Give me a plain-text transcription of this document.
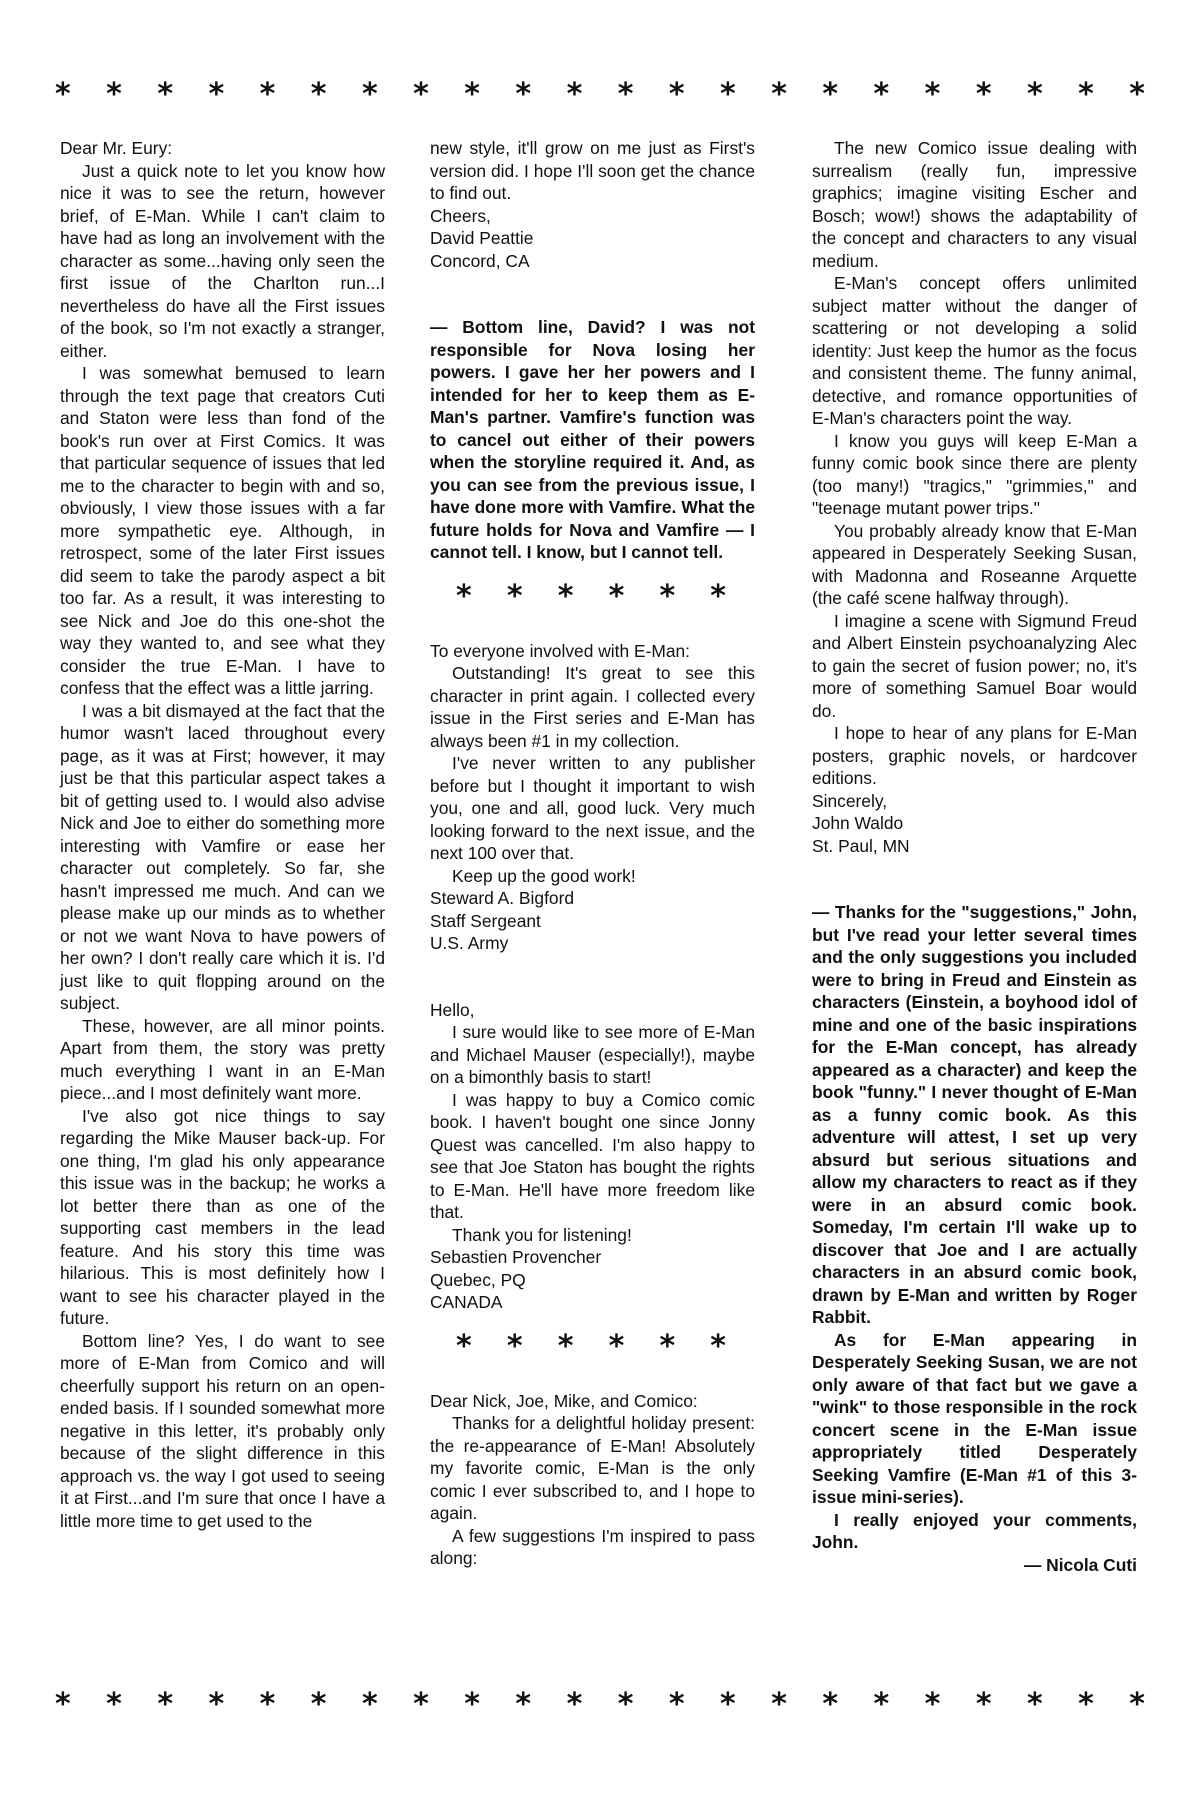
* * * * * * * * * * * * * * * * * * * * * *

Dear Mr. Eury:

Just a quick note to let you know how nice it was to see the return, however brief, of E-Man. While I can't claim to have had as long an involvement with the character as some...having only seen the first issue of the Charlton run...I nevertheless do have all the First issues of the book, so I'm not exactly a stranger, either.

I was somewhat bemused to learn through the text page that creators Cuti and Staton were less than fond of the book's run over at First Comics. It was that particular sequence of issues that led me to the character to begin with and so, obviously, I view those issues with a far more sympathetic eye. Although, in retrospect, some of the later First issues did seem to take the parody aspect a bit too far. As a result, it was interesting to see Nick and Joe do this one-shot the way they wanted to, and see what they consider the true E-Man. I have to confess that the effect was a little jarring.

I was a bit dismayed at the fact that the humor wasn't laced throughout every page, as it was at First; however, it may just be that this particular aspect takes a bit of getting used to. I would also advise Nick and Joe to either do something more interesting with Vamfire or ease her character out completely. So far, she hasn't impressed me much. And can we please make up our minds as to whether or not we want Nova to have powers of her own? I don't really care which it is. I'd just like to quit flopping around on the subject.

These, however, are all minor points. Apart from them, the story was pretty much everything I want in an E-Man piece...and I most definitely want more.

I've also got nice things to say regarding the Mike Mauser back-up. For one thing, I'm glad his only appearance this issue was in the backup; he works a lot better there than as one of the supporting cast members in the lead feature. And his story this time was hilarious. This is most definitely how I want to see his character played in the future.

Bottom line? Yes, I do want to see more of E-Man from Comico and will cheerfully support his return on an open-ended basis. If I sounded somewhat more negative in this letter, it's probably only because of the slight difference in this approach vs. the way I got used to seeing it at First...and I'm sure that once I have a little more time to get used to the

new style, it'll grow on me just as First's version did. I hope I'll soon get the chance to find out.

Cheers,

David Peattie

Concord, CA

— Bottom line, David? I was not responsible for Nova losing her powers. I gave her her powers and I intended for her to keep them as E-Man's partner. Vamfire's function was to cancel out either of their powers when the storyline required it. And, as you can see from the previous issue, I have done more with Vamfire. What the future holds for Nova and Vamfire — I cannot tell. I know, but I cannot tell.

* * * * * *

To everyone involved with E-Man:

Outstanding! It's great to see this character in print again. I collected every issue in the First series and E-Man has always been #1 in my collection.

I've never written to any publisher before but I thought it important to wish you, one and all, good luck. Very much looking forward to the next issue, and the next 100 over that.

Keep up the good work!

Steward A. Bigford

Staff Sergeant

U.S. Army

Hello,

I sure would like to see more of E-Man and Michael Mauser (especially!), maybe on a bimonthly basis to start!

I was happy to buy a Comico comic book. I haven't bought one since Jonny Quest was cancelled. I'm also happy to see that Joe Staton has bought the rights to E-Man. He'll have more freedom like that.

Thank you for listening!

Sebastien Provencher

Quebec, PQ

CANADA

* * * * * *

Dear Nick, Joe, Mike, and Comico:

Thanks for a delightful holiday present: the re-appearance of E-Man! Absolutely my favorite comic, E-Man is the only comic I ever subscribed to, and I hope to again.

A few suggestions I'm inspired to pass along:

The new Comico issue dealing with surrealism (really fun, impressive graphics; imagine visiting Escher and Bosch; wow!) shows the adaptability of the concept and characters to any visual medium.

E-Man's concept offers unlimited subject matter without the danger of scattering or not developing a solid identity: Just keep the humor as the focus and consistent theme. The funny animal, detective, and romance opportunities of E-Man's characters point the way.

I know you guys will keep E-Man a funny comic book since there are plenty (too many!) "tragics," "grimmies," and "teenage mutant power trips."

You probably already know that E-Man appeared in Desperately Seeking Susan, with Madonna and Roseanne Arquette (the café scene halfway through).

I imagine a scene with Sigmund Freud and Albert Einstein psychoanalyzing Alec to gain the secret of fusion power; no, it's more of something Samuel Boar would do.

I hope to hear of any plans for E-Man posters, graphic novels, or hardcover editions.

Sincerely,

John Waldo

St. Paul, MN

— Thanks for the "suggestions," John, but I've read your letter several times and the only suggestions you included were to bring in Freud and Einstein as characters (Einstein, a boyhood idol of mine and one of the basic inspirations for the E-Man concept, has already appeared as a character) and keep the book "funny." I never thought of E-Man as a funny comic book. As this adventure will attest, I set up very absurd but serious situations and allow my characters to react as if they were in an absurd comic book. Someday, I'm certain I'll wake up to discover that Joe and I are actually characters in an absurd comic book, drawn by E-Man and written by Roger Rabbit.

As for E-Man appearing in Desperately Seeking Susan, we are not only aware of that fact but we gave a "wink" to those responsible in the rock concert scene in the E-Man issue appropriately titled Desperately Seeking Vamfire (E-Man #1 of this 3-issue mini-series).

I really enjoyed your comments, John.

— Nicola Cuti

* * * * * * * * * * * * * * * * * * * * * *
